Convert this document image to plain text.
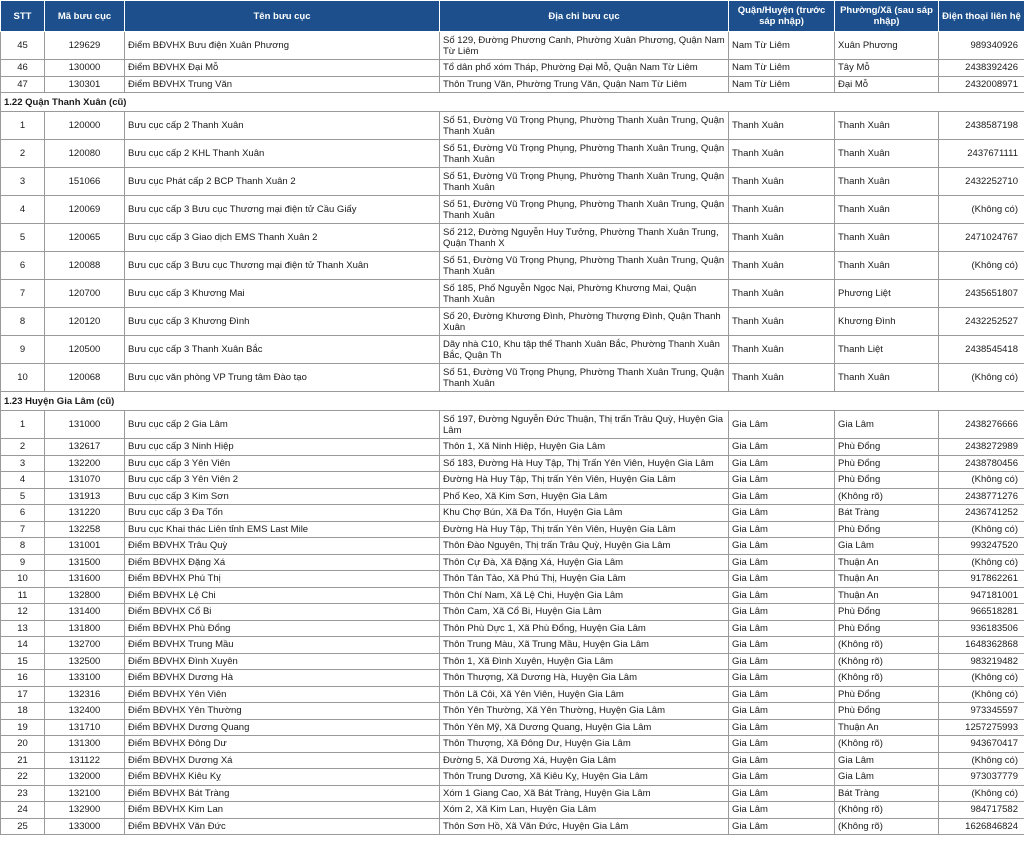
STT	Mã bưu cục	Tên bưu cục	Địa chỉ bưu cục	Quận/Huyện (trước sáp nhập)	Phường/Xã (sau sáp nhập)	Điện thoại liên hệ
45	129629	Điểm BĐVHX Bưu điện Xuân Phương	Số 129, Đường Phương Canh, Phường Xuân Phương, Quận Nam Từ Liêm	Nam Từ Liêm	Xuân Phương	989340926
46	130000	Điểm BĐVHX Đại Mỗ	Tổ dân phố xóm Tháp, Phường Đại Mỗ, Quận Nam Từ Liêm	Nam Từ Liêm	Tây Mỗ	2438392426
47	130301	Điểm BĐVHX Trung Văn	Thôn Trung Văn, Phường Trung Văn, Quận Nam Từ Liêm	Nam Từ Liêm	Đại Mỗ	2432008971
1.22 Quận Thanh Xuân (cũ)						
1	120000	Bưu cục cấp 2 Thanh Xuân	Số 51, Đường Vũ Trọng Phụng, Phường Thanh Xuân Trung, Quận Thanh Xuân	Thanh Xuân	Thanh Xuân	2438587198
2	120080	Bưu cục cấp 2 KHL Thanh Xuân	Số 51, Đường Vũ Trọng Phụng, Phường Thanh Xuân Trung, Quận Thanh Xuân	Thanh Xuân	Thanh Xuân	2437671111
3	151066	Bưu cục Phát cấp 2 BCP Thanh Xuân 2	Số 51, Đường Vũ Trọng Phụng, Phường Thanh Xuân Trung, Quận Thanh Xuân	Thanh Xuân	Thanh Xuân	2432252710
4	120069	Bưu cục cấp 3 Bưu cục Thương mại điện tử Cầu Giấy	Số 51, Đường Vũ Trọng Phụng, Phường Thanh Xuân Trung, Quận Thanh Xuân	Thanh Xuân	Thanh Xuân	(Không có)
5	120065	Bưu cục cấp 3 Giao dịch EMS Thanh Xuân 2	Số 212, Đường Nguyễn Huy Tưởng, Phường Thanh Xuân Trung, Quận Thanh X	Thanh Xuân	Thanh Xuân	2471024767
6	120088	Bưu cục cấp 3 Bưu cục Thương mại điện tử Thanh Xuân	Số 51, Đường Vũ Trọng Phụng, Phường Thanh Xuân Trung, Quận Thanh Xuân	Thanh Xuân	Thanh Xuân	(Không có)
7	120700	Bưu cục cấp 3 Khương Mai	Số 185, Phố Nguyễn Ngọc Nại, Phường Khương Mai, Quận Thanh Xuân	Thanh Xuân	Phương Liệt	2435651807
8	120120	Bưu cục cấp 3 Khương Đình	Số 20, Đường Khương Đình, Phường Thượng Đình, Quận Thanh Xuân	Thanh Xuân	Khương Đình	2432252527
9	120500	Bưu cục cấp 3 Thanh Xuân Bắc	Dãy nhà C10, Khu tập thể Thanh Xuân Bắc, Phường Thanh Xuân Bắc, Quận Th	Thanh Xuân	Thanh Liệt	2438545418
10	120068	Bưu cục văn phòng VP Trung tâm Đào tạo	Số 51, Đường Vũ Trọng Phụng, Phường Thanh Xuân Trung, Quận Thanh Xuân	Thanh Xuân	Thanh Xuân	(Không có)
1.23 Huyện Gia Lâm (cũ)						
1	131000	Bưu cục cấp 2 Gia Lâm	Số 197, Đường Nguyễn Đức Thuận, Thị trấn Trâu Quỳ, Huyện Gia Lâm	Gia Lâm	Gia Lâm	2438276666
2	132617	Bưu cục cấp 3 Ninh Hiệp	Thôn 1, Xã Ninh Hiệp, Huyện Gia Lâm	Gia Lâm	Phù Đổng	2438272989
3	132200	Bưu cục cấp 3 Yên Viên	Số 183, Đường Hà Huy Tập, Thị Trấn Yên Viên, Huyện Gia Lâm	Gia Lâm	Phù Đổng	2438780456
4	131070	Bưu cục cấp 3 Yên Viên 2	Đường Hà Huy Tập, Thị trấn Yên Viên, Huyện Gia Lâm	Gia Lâm	Phù Đổng	(Không có)
5	131913	Bưu cục cấp 3 Kim Sơn	Phố Keo, Xã Kim Sơn, Huyện Gia Lâm	Gia Lâm	(Không rõ)	2438771276
6	131220	Bưu cục cấp 3 Đa Tốn	Khu Chợ Bún, Xã Đa Tốn, Huyện Gia Lâm	Gia Lâm	Bát Tràng	2436741252
7	132258	Bưu cục Khai thác Liên tỉnh EMS Last Mile	Đường Hà Huy Tập, Thị trấn Yên Viên, Huyện Gia Lâm	Gia Lâm	Phù Đổng	(Không có)
8	131001	Điểm BĐVHX Trâu Quỳ	Thôn Đào Nguyên, Thị trấn Trâu Quỳ, Huyện Gia Lâm	Gia Lâm	Gia Lâm	993247520
9	131500	Điểm BĐVHX Đặng Xá	Thôn Cự Đà, Xã Đặng Xá, Huyện Gia Lâm	Gia Lâm	Thuận An	(Không có)
10	131600	Điểm BĐVHX Phú Thị	Thôn Tân Tảo, Xã Phú Thị, Huyện Gia Lâm	Gia Lâm	Thuận An	917862261
11	132800	Điểm BĐVHX Lệ Chi	Thôn Chí Nam, Xã Lệ Chi, Huyện Gia Lâm	Gia Lâm	Thuận An	947181001
12	131400	Điểm BĐVHX Cổ Bi	Thôn Cam, Xã Cổ Bi, Huyện Gia Lâm	Gia Lâm	Phù Đổng	966518281
13	131800	Điểm BĐVHX Phù Đổng	Thôn Phù Dực 1, Xã Phù Đổng, Huyện Gia Lâm	Gia Lâm	Phù Đổng	936183506
14	132700	Điểm BĐVHX Trung Mầu	Thôn Trung Màu, Xã Trung Mầu, Huyện Gia Lâm	Gia Lâm	(Không rõ)	1648362868
15	132500	Điểm BĐVHX Đình Xuyên	Thôn 1, Xã Đình Xuyên, Huyện Gia Lâm	Gia Lâm	(Không rõ)	983219482
16	133100	Điểm BĐVHX Dương Hà	Thôn Thượng, Xã Dương Hà, Huyện Gia Lâm	Gia Lâm	(Không rõ)	(Không có)
17	132316	Điểm BĐVHX Yên Viên	Thôn Lã Côi, Xã Yên Viên, Huyện Gia Lâm	Gia Lâm	Phù Đổng	(Không có)
18	132400	Điểm BĐVHX Yên Thường	Thôn Yên Thường, Xã Yên Thường, Huyện Gia Lâm	Gia Lâm	Phù Đổng	973345597
19	131710	Điểm BĐVHX Dương Quang	Thôn Yên Mỹ, Xã Dương Quang, Huyện Gia Lâm	Gia Lâm	Thuận An	1257275993
20	131300	Điểm BĐVHX Đông Dư	Thôn Thượng, Xã Đông Dư, Huyện Gia Lâm	Gia Lâm	(Không rõ)	943670417
21	131122	Điểm BĐVHX Dương Xá	Đường 5, Xã Dương Xá, Huyện Gia Lâm	Gia Lâm	Gia Lâm	(Không có)
22	132000	Điểm BĐVHX Kiêu Kỵ	Thôn Trung Dương, Xã Kiêu Kỵ, Huyện Gia Lâm	Gia Lâm	Gia Lâm	973037779
23	132100	Điểm BĐVHX Bát Tràng	Xóm 1 Giang Cao, Xã Bát Tràng, Huyện Gia Lâm	Gia Lâm	Bát Tràng	(Không có)
24	132900	Điểm BĐVHX Kim Lan	Xóm 2, Xã Kim Lan, Huyện Gia Lâm	Gia Lâm	(Không rõ)	984717582
25	133000	Điểm BĐVHX Văn Đức	Thôn Sơn Hồ, Xã Văn Đức, Huyện Gia Lâm	Gia Lâm	(Không rõ)	1626846824
